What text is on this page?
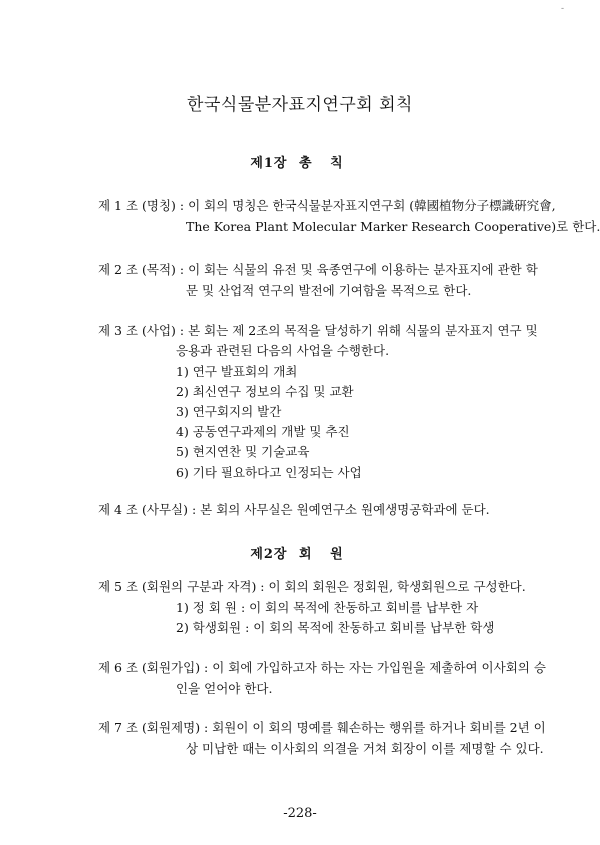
-
한국식물분자표지연구회 회칙
제1장 총 칙
제 1 조 (명칭) : 이 회의 명칭은 한국식물분자표지연구회 (韓國植物分子標識硏究會,
The Korea Plant Molecular Marker Research Cooperative)로 한다.
제 2 조 (목적) : 이 회는 식물의 유전 및 육종연구에 이용하는 분자표지에 관한 학
문 및 산업적 연구의 발전에 기여함을 목적으로 한다.
제 3 조 (사업) : 본 회는 제 2조의 목적을 달성하기 위해 식물의 분자표지 연구 및
응용과 관련된 다음의 사업을 수행한다.
1) 연구 발표회의 개최
2) 최신연구 정보의 수집 및 교환
3) 연구회지의 발간
4) 공동연구과제의 개발 및 추진
5) 현지연찬 및 기술교육
6) 기타 필요하다고 인정되는 사업
제 4 조 (사무실) : 본 회의 사무실은 원예연구소 원예생명공학과에 둔다.
제2장 회 원
제 5 조 (회원의 구분과 자격) : 이 회의 회원은 정회원, 학생회원으로 구성한다.
1) 정 회 원 : 이 회의 목적에 찬동하고 회비를 납부한 자
2) 학생회원 : 이 회의 목적에 찬동하고 회비를 납부한 학생
제 6 조 (회원가입) : 이 회에 가입하고자 하는 자는 가입원을 제출하여 이사회의 승
인을 얻어야 한다.
제 7 조 (회원제명) : 회원이 이 회의 명예를 훼손하는 행위를 하거나 회비를 2년 이
상 미납한 때는 이사회의 의결을 거쳐 회장이 이를 제명할 수 있다.
-228-
